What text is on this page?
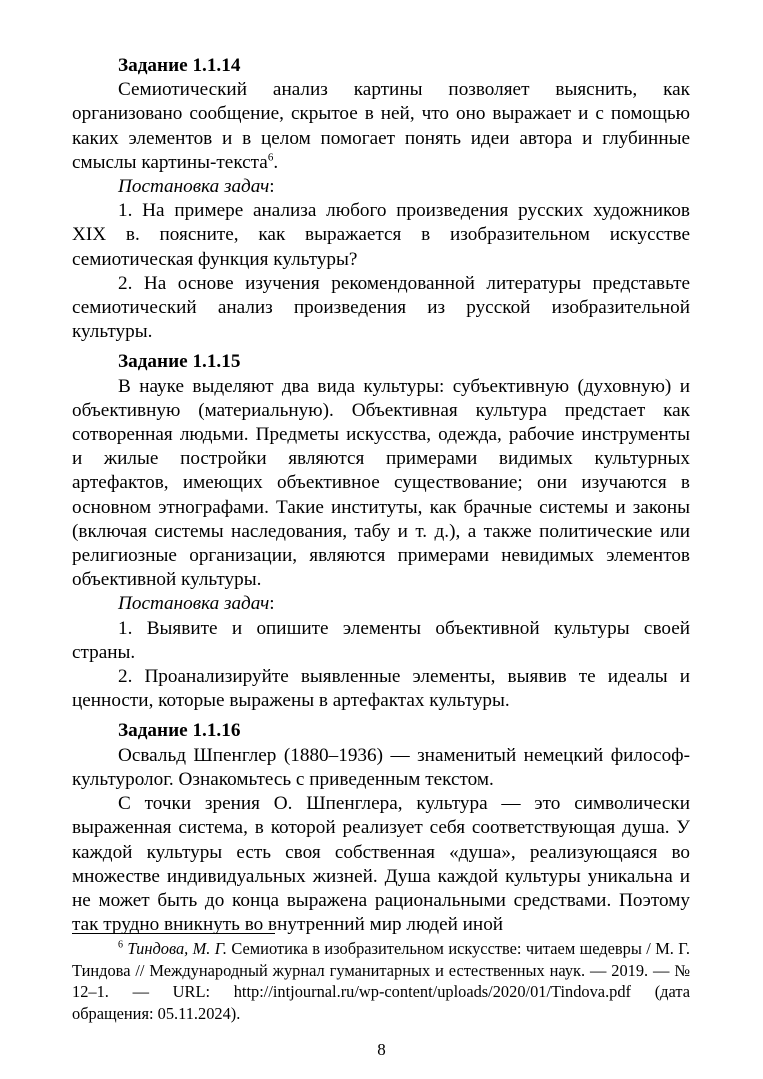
Задание 1.1.14

Семиотический анализ картины позволяет выяснить, как организовано сообщение, скрытое в ней, что оно выражает и с помощью каких элементов и в целом помогает понять идеи автора и глубинные смыслы картины-текста$^6$.

Постановка задач:

1. На примере анализа любого произведения русских художников XIX в. поясните, как выражается в изобразительном искусстве семиотическая функция культуры?

2. На основе изучения рекомендованной литературы представьте семиотический анализ произведения из русской изобразительной культуры.

Задание 1.1.15

В науке выделяют два вида культуры: субъективную (духовную) и объективную (материальную). Объективная культура предстает как сотворенная людьми. Предметы искусства, одежда, рабочие инструменты и жилые постройки являются примерами видимых культурных артефактов, имеющих объективное существование; они изучаются в основном этнографами. Такие институты, как брачные системы и законы (включая системы наследования, табу и т. д.), а также политические или религиозные организации, являются примерами невидимых элементов объективной культуры.

Постановка задач:

1. Выявите и опишите элементы объективной культуры своей страны.

2. Проанализируйте выявленные элементы, выявив те идеалы и ценности, которые выражены в артефактах культуры.

Задание 1.1.16

Освальд Шпенглер (1880–1936) — знаменитый немецкий философ-культуролог. Ознакомьтесь с приведенным текстом.

С точки зрения О. Шпенглера, культура — это символически выраженная система, в которой реализует себя соответствующая душа. У каждой культуры есть своя собственная «душа», реализующаяся во множестве индивидуальных жизней. Душа каждой культуры уникальна и не может быть до конца выражена рациональными средствами. Поэтому так трудно вникнуть во внутренний мир людей иной

$^6$ Тиндова, М. Г. Семиотика в изобразительном искусстве: читаем шедевры / М. Г. Тиндова // Международный журнал гуманитарных и естественных наук. — 2019. — № 12–1. — URL: http://intjournal.ru/wp-content/uploads/2020/01/Tindova.pdf (дата обращения: 05.11.2024).

8
